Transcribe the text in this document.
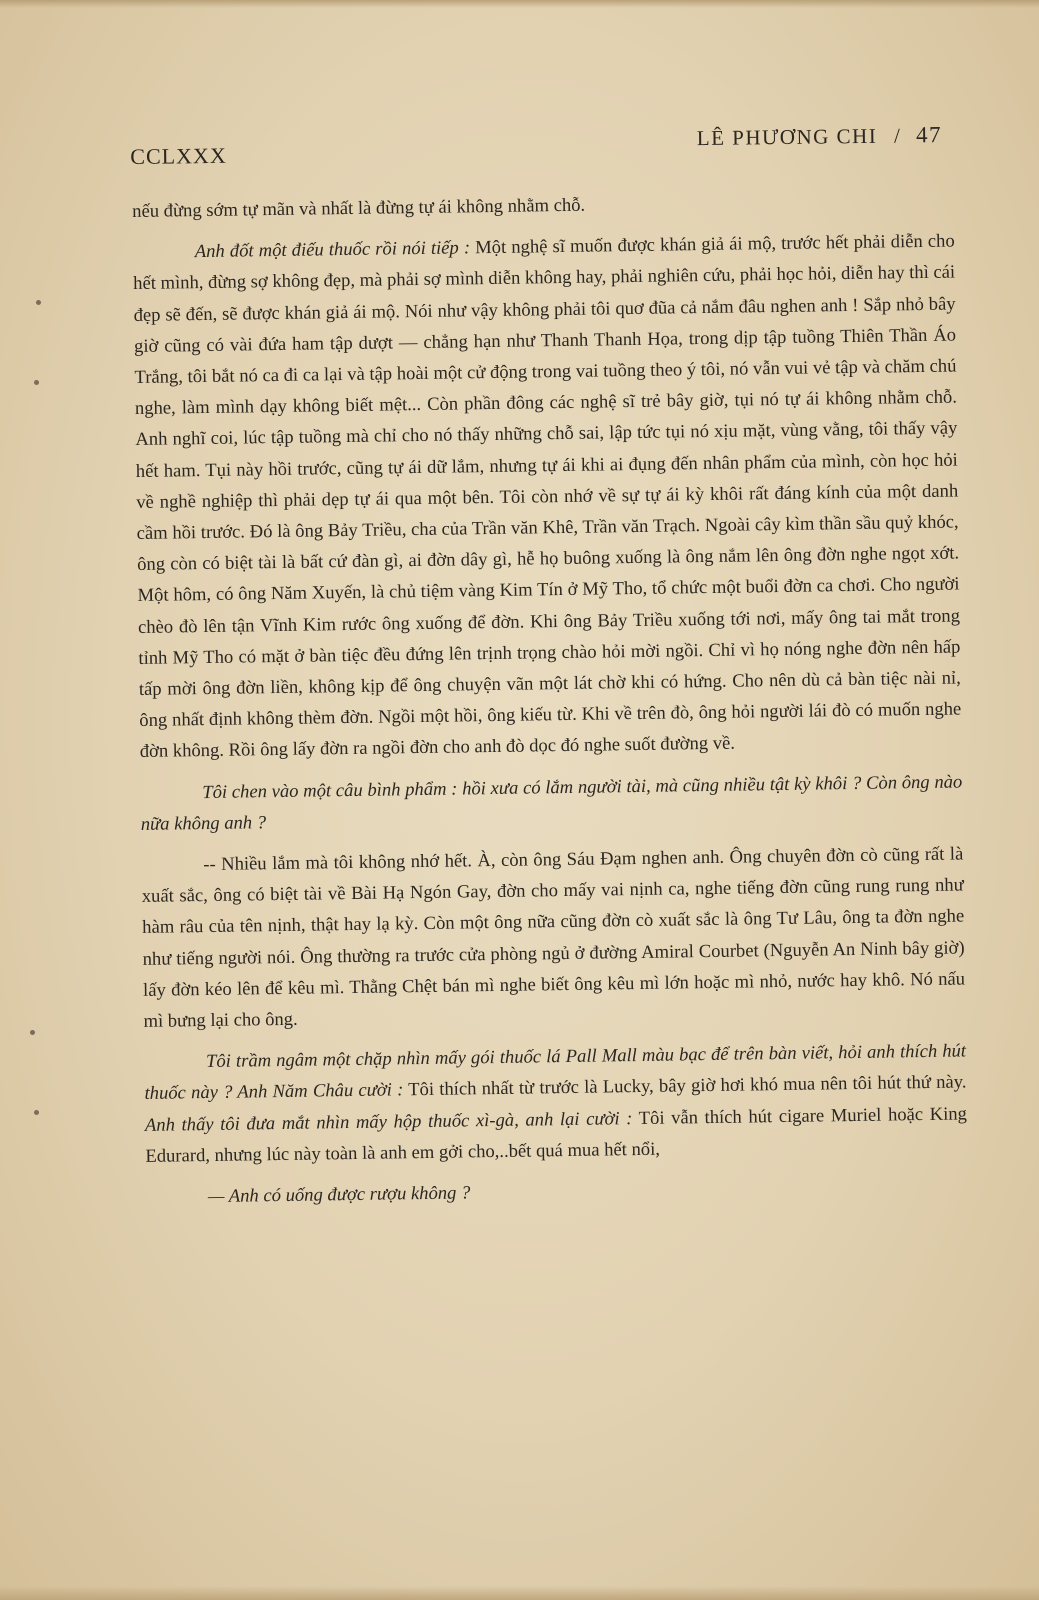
CCLXXX
LÊ PHƯƠNG CHI / 47

nếu đừng sớm tự mãn và nhất là đừng tự ái không nhằm chỗ.

Anh đốt một điếu thuốc rồi nói tiếp : Một nghệ sĩ muốn được khán giả ái mộ, trước hết phải diễn cho hết mình, đừng sợ không đẹp, mà phải sợ mình diễn không hay, phải nghiên cứu, phải học hỏi, diễn hay thì cái đẹp sẽ đến, sẽ được khán giả ái mộ. Nói như vậy không phải tôi quơ đũa cả nắm đâu nghen anh ! Sắp nhỏ bây giờ cũng có vài đứa ham tập dượt — chẳng hạn như Thanh Thanh Họa, trong dịp tập tuồng Thiên Thần Áo Trắng, tôi bắt nó ca đi ca lại và tập hoài một cử động trong vai tuồng theo ý tôi, nó vẫn vui vẻ tập và chăm chú nghe, làm mình dạy không biết mệt... Còn phần đông các nghệ sĩ trẻ bây giờ, tụi nó tự ái không nhằm chỗ. Anh nghĩ coi, lúc tập tuồng mà chỉ cho nó thấy những chỗ sai, lập tức tụi nó xịu mặt, vùng vằng, tôi thấy vậy hết ham. Tụi này hồi trước, cũng tự ái dữ lắm, nhưng tự ái khi ai đụng đến nhân phẩm của mình, còn học hỏi về nghề nghiệp thì phải dẹp tự ái qua một bên. Tôi còn nhớ về sự tự ái kỳ khôi rất đáng kính của một danh cầm hồi trước. Đó là ông Bảy Triều, cha của Trần văn Khê, Trần văn Trạch. Ngoài cây kìm thần sầu quỷ khóc, ông còn có biệt tài là bất cứ đàn gì, ai đờn dây gì, hễ họ buông xuống là ông nắm lên ông đờn nghe ngọt xớt. Một hôm, có ông Năm Xuyến, là chủ tiệm vàng Kim Tín ở Mỹ Tho, tổ chức một buổi đờn ca chơi. Cho người chèo đò lên tận Vĩnh Kim rước ông xuống để đờn. Khi ông Bảy Triều xuống tới nơi, mấy ông tai mắt trong tỉnh Mỹ Tho có mặt ở bàn tiệc đều đứng lên trịnh trọng chào hỏi mời ngồi. Chỉ vì họ nóng nghe đờn nên hấp tấp mời ông đờn liền, không kịp để ông chuyện vãn một lát chờ khi có hứng. Cho nên dù cả bàn tiệc nài nỉ, ông nhất định không thèm đờn. Ngồi một hồi, ông kiếu từ. Khi về trên đò, ông hỏi người lái đò có muốn nghe đờn không. Rồi ông lấy đờn ra ngồi đờn cho anh đò dọc đó nghe suốt đường về.

Tôi chen vào một câu bình phẩm : hồi xưa có lắm người tài, mà cũng nhiều tật kỳ khôi ? Còn ông nào nữa không anh ?

-- Nhiều lắm mà tôi không nhớ hết. À, còn ông Sáu Đạm nghen anh. Ông chuyên đờn cò cũng rất là xuất sắc, ông có biệt tài về Bài Hạ Ngón Gay, đờn cho mấy vai nịnh ca, nghe tiếng đờn cũng rung rung như hàm râu của tên nịnh, thật hay lạ kỳ. Còn một ông nữa cũng đờn cò xuất sắc là ông Tư Lâu, ông ta đờn nghe như tiếng người nói. Ông thường ra trước cửa phòng ngủ ở đường Amiral Courbet (Nguyễn An Ninh bây giờ) lấy đờn kéo lên để kêu mì. Thằng Chệt bán mì nghe biết ông kêu mì lớn hoặc mì nhỏ, nước hay khô. Nó nấu mì bưng lại cho ông.

Tôi trầm ngâm một chặp nhìn mấy gói thuốc lá Pall Mall màu bạc để trên bàn viết, hỏi anh thích hút thuốc này ? Anh Năm Châu cười : Tôi thích nhất từ trước là Lucky, bây giờ hơi khó mua nên tôi hút thứ này. Anh thấy tôi đưa mắt nhìn mấy hộp thuốc xì-gà, anh lại cười : Tôi vẫn thích hút cigare Muriel hoặc King Edurard, nhưng lúc này toàn là anh em gởi cho,..bết quá mua hết nổi,

— Anh có uống được rượu không ?
